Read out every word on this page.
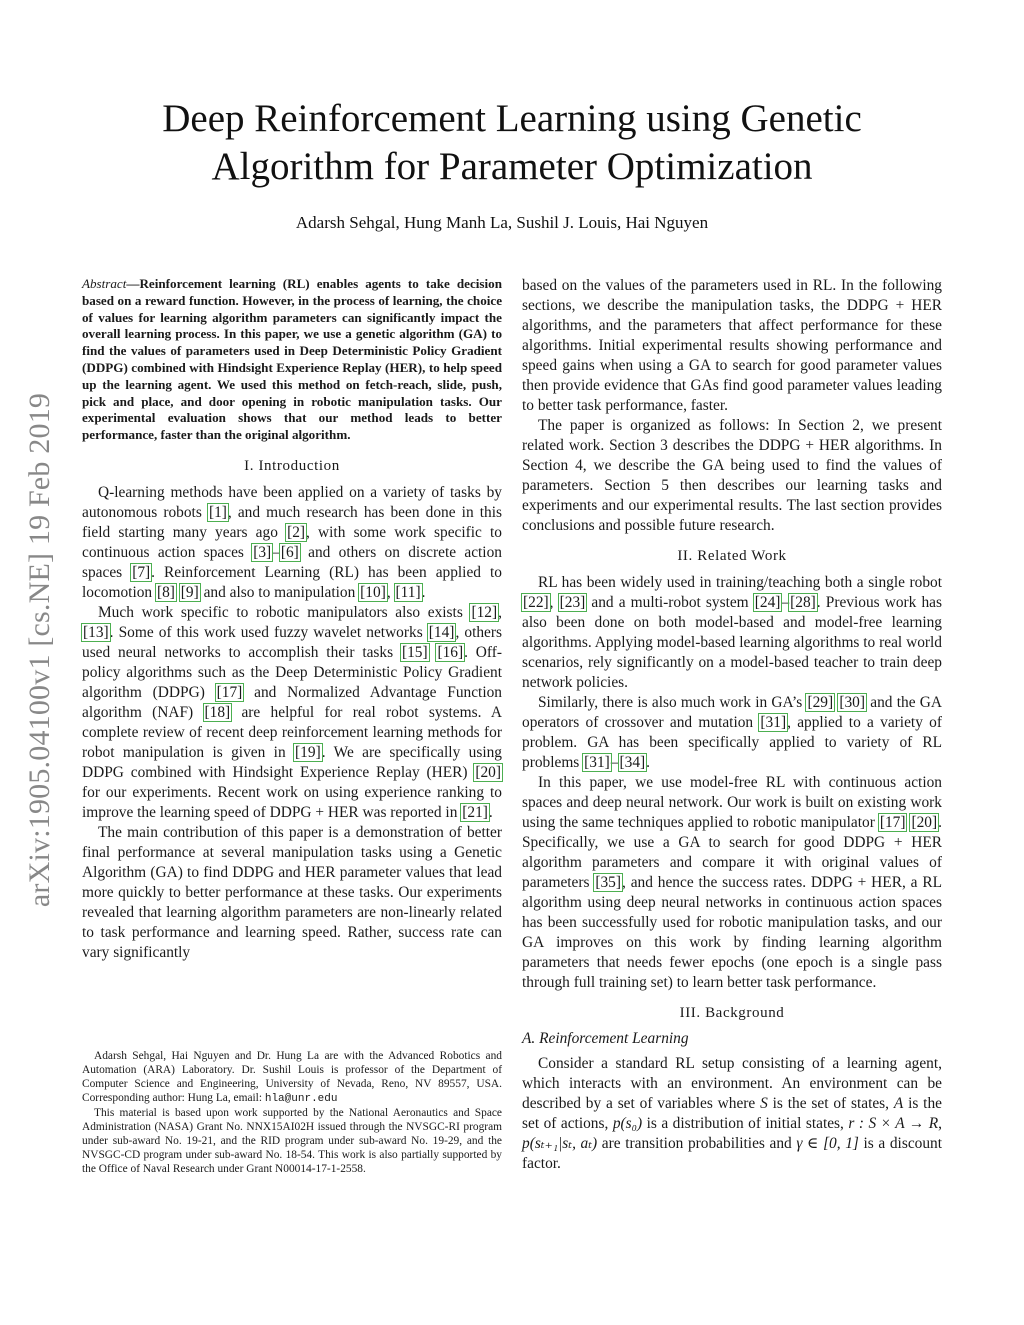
arXiv:1905.04100v1 [cs.NE] 19 Feb 2019
Deep Reinforcement Learning using Genetic
Algorithm for Parameter Optimization
Adarsh Sehgal, Hung Manh La, Sushil J. Louis, Hai Nguyen

Abstract—Reinforcement learning (RL) enables agents to take decision based on a reward function. However, in the process of learning, the choice of values for learning algorithm parameters can significantly impact the overall learning process. In this paper, we use a genetic algorithm (GA) to find the values of parameters used in Deep Deterministic Policy Gradient (DDPG) combined with Hindsight Experience Replay (HER), to help speed up the learning agent. We used this method on fetch-reach, slide, push, pick and place, and door opening in robotic manipulation tasks. Our experimental evaluation shows that our method leads to better performance, faster than the original algorithm.

I. Introduction

Q-learning methods have been applied on a variety of tasks by autonomous robots [1], and much research has been done in this field starting many years ago [2], with some work specific to continuous action spaces [3]–[6] and others on discrete action spaces [7]. Reinforcement Learning (RL) has been applied to locomotion [8] [9] and also to manipulation [10], [11].

Much work specific to robotic manipulators also exists [12], [13]. Some of this work used fuzzy wavelet networks [14], others used neural networks to accomplish their tasks [15] [16]. Off-policy algorithms such as the Deep Deterministic Policy Gradient algorithm (DDPG) [17] and Normalized Advantage Function algorithm (NAF) [18] are helpful for real robot systems. A complete review of recent deep reinforcement learning methods for robot manipulation is given in [19]. We are specifically using DDPG combined with Hindsight Experience Replay (HER) [20] for our experiments. Recent work on using experience ranking to improve the learning speed of DDPG + HER was reported in [21].

The main contribution of this paper is a demonstration of better final performance at several manipulation tasks using a Genetic Algorithm (GA) to find DDPG and HER parameter values that lead more quickly to better performance at these tasks. Our experiments revealed that learning algorithm parameters are non-linearly related to task performance and learning speed. Rather, success rate can vary significantly

Adarsh Sehgal, Hai Nguyen and Dr. Hung La are with the Advanced Robotics and Automation (ARA) Laboratory. Dr. Sushil Louis is professor of the Department of Computer Science and Engineering, University of Nevada, Reno, NV 89557, USA. Corresponding author: Hung La, email: hla@unr.edu

This material is based upon work supported by the National Aeronautics and Space Administration (NASA) Grant No. NNX15AI02H issued through the NVSGC-RI program under sub-award No. 19-21, and the RID program under sub-award No. 19-29, and the NVSGC-CD program under sub-award No. 18-54. This work is also partially supported by the Office of Naval Research under Grant N00014-17-1-2558.

based on the values of the parameters used in RL. In the following sections, we describe the manipulation tasks, the DDPG + HER algorithms, and the parameters that affect performance for these algorithms. Initial experimental results showing performance and speed gains when using a GA to search for good parameter values then provide evidence that GAs find good parameter values leading to better task performance, faster.

The paper is organized as follows: In Section 2, we present related work. Section 3 describes the DDPG + HER algorithms. In Section 4, we describe the GA being used to find the values of parameters. Section 5 then describes our learning tasks and experiments and our experimental results. The last section provides conclusions and possible future research.

II. Related Work

RL has been widely used in training/teaching both a single robot [22], [23] and a multi-robot system [24]–[28]. Previous work has also been done on both model-based and model-free learning algorithms. Applying model-based learning algorithms to real world scenarios, rely significantly on a model-based teacher to train deep network policies.

Similarly, there is also much work in GA’s [29] [30] and the GA operators of crossover and mutation [31], applied to a variety of problem. GA has been specifically applied to variety of RL problems [31]–[34].

In this paper, we use model-free RL with continuous action spaces and deep neural network. Our work is built on existing work using the same techniques applied to robotic manipulator [17] [20]. Specifically, we use a GA to search for good DDPG + HER algorithm parameters and compare it with original values of parameters [35], and hence the success rates. DDPG + HER, a RL algorithm using deep neural networks in continuous action spaces has been successfully used for robotic manipulation tasks, and our GA improves on this work by finding learning algorithm parameters that needs fewer epochs (one epoch is a single pass through full training set) to learn better task performance.

III. Background
A. Reinforcement Learning

Consider a standard RL setup consisting of a learning agent, which interacts with an environment. An environment can be described by a set of variables where S is the set of states, A is the set of actions, p(s₀) is a distribution of initial states, r : S × A → R, p(sₜ₊₁|sₜ, aₜ) are transition probabilities and γ ∈ [0, 1] is a discount factor.
